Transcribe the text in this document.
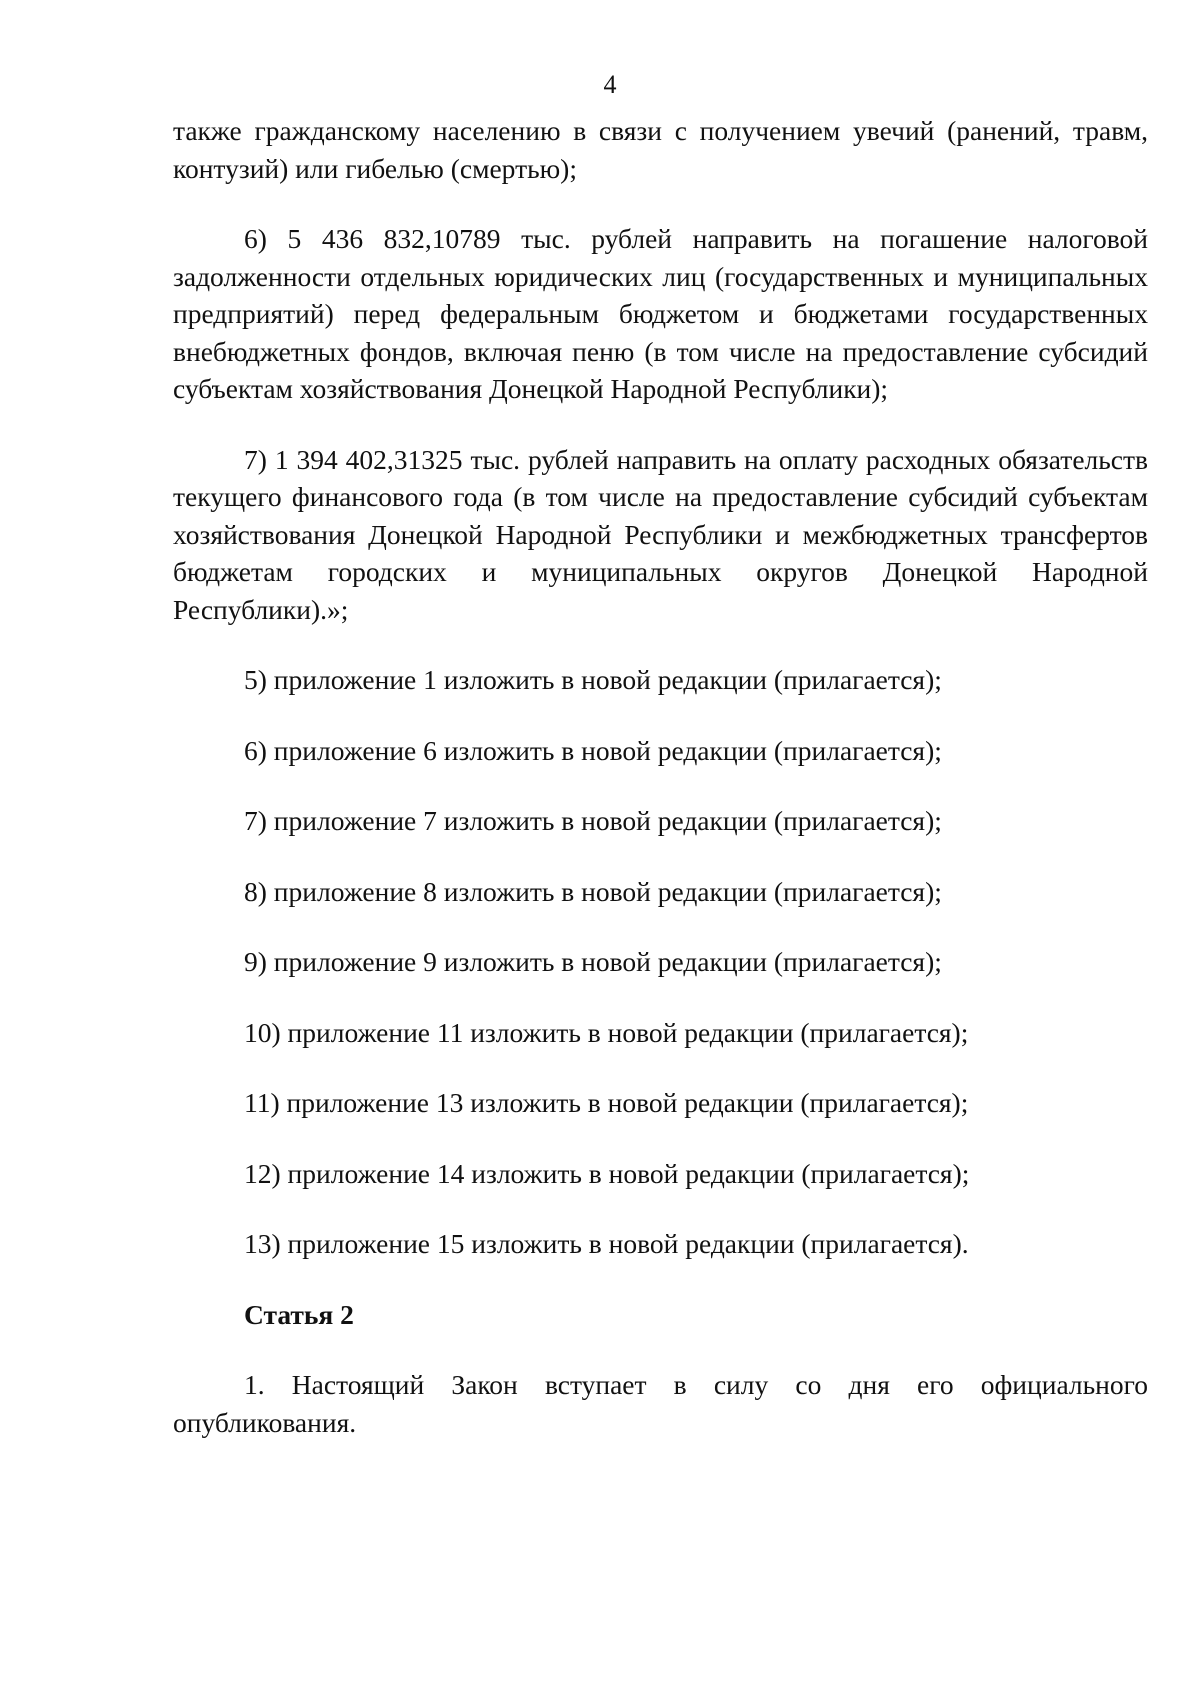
4

также гражданскому населению в связи с получением увечий (ранений, травм, контузий) или гибелью (смертью);

6) 5 436 832,10789 тыс. рублей направить на погашение налоговой задолженности отдельных юридических лиц (государственных и муниципальных предприятий) перед федеральным бюджетом и бюджетами государственных внебюджетных фондов, включая пеню (в том числе на предоставление субсидий субъектам хозяйствования Донецкой Народной Республики);

7) 1 394 402,31325 тыс. рублей направить на оплату расходных обязательств текущего финансового года (в том числе на предоставление субсидий субъектам хозяйствования Донецкой Народной Республики и межбюджетных трансфертов бюджетам городских и муниципальных округов Донецкой Народной Республики).»;

5) приложение 1 изложить в новой редакции (прилагается);

6) приложение 6 изложить в новой редакции (прилагается);

7) приложение 7 изложить в новой редакции (прилагается);

8) приложение 8 изложить в новой редакции (прилагается);

9) приложение 9 изложить в новой редакции (прилагается);

10) приложение 11 изложить в новой редакции (прилагается);

11) приложение 13 изложить в новой редакции (прилагается);

12) приложение 14 изложить в новой редакции (прилагается);

13) приложение 15 изложить в новой редакции (прилагается).

Статья 2

1. Настоящий Закон вступает в силу со дня его официального опубликования.
